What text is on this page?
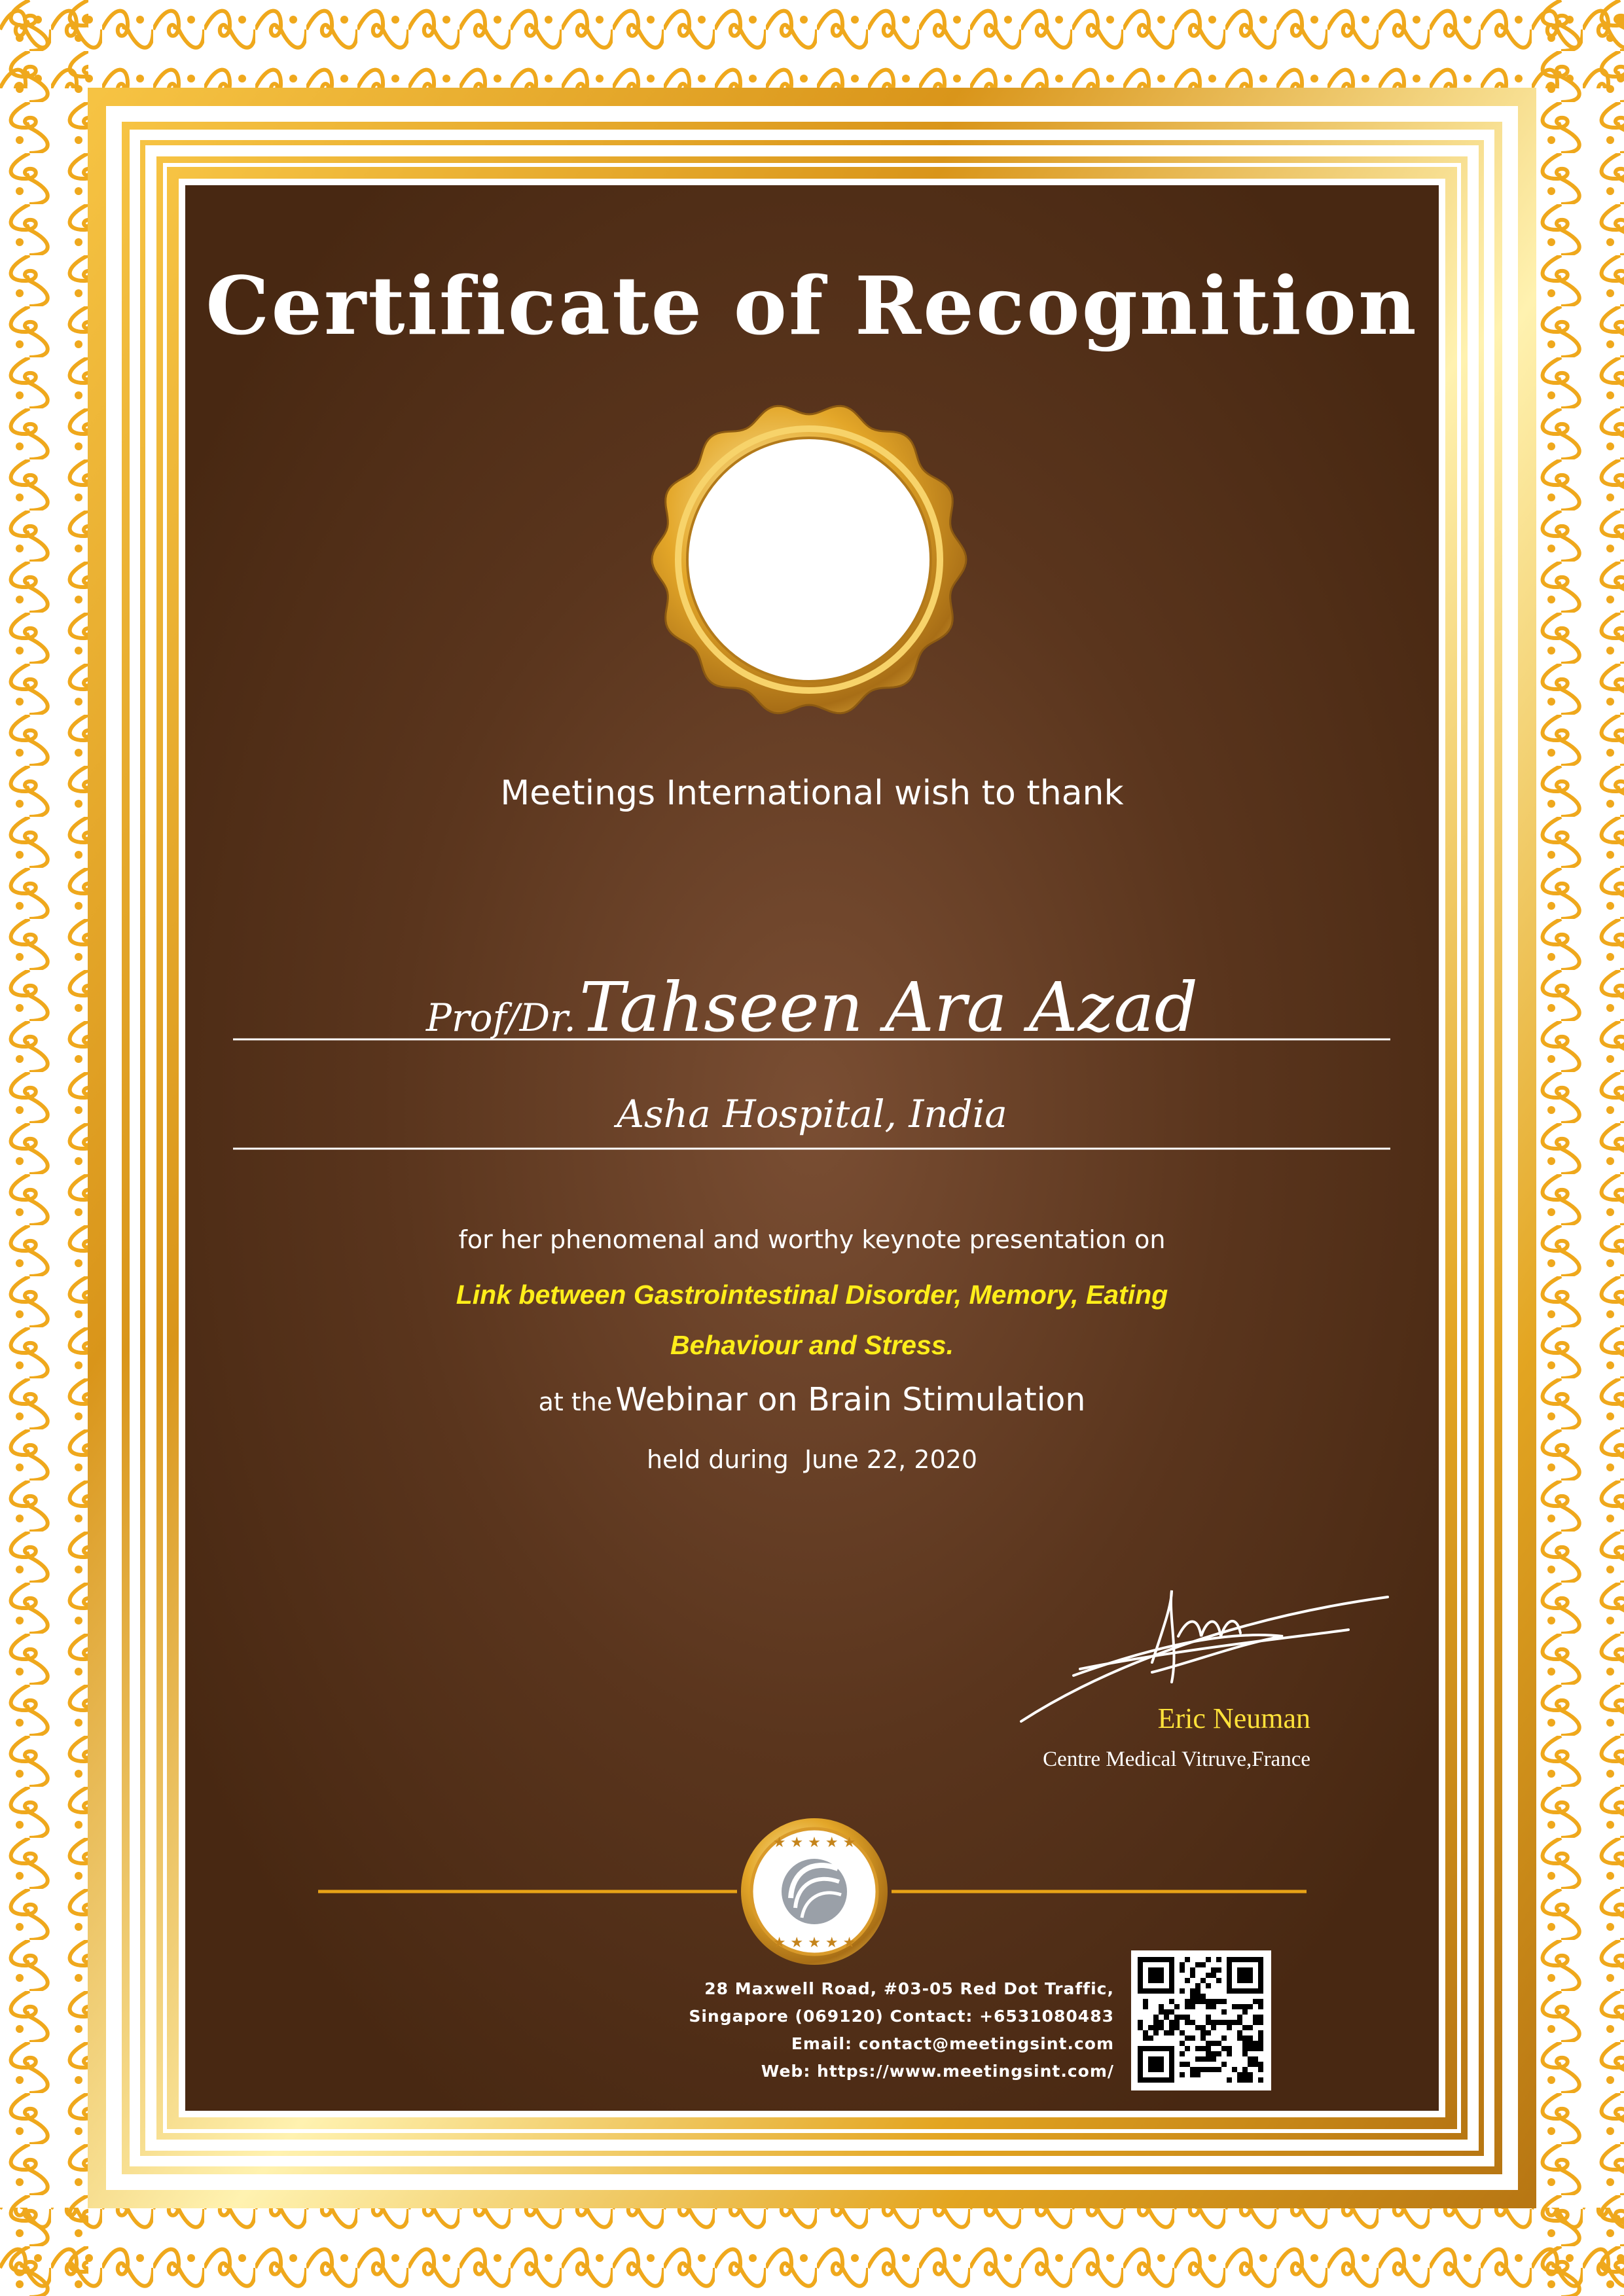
★ ★ ★ ★ ★
★ ★ ★ ★ ★
Certificate of Recognition
Meetings International wish to thank
Prof/Dr. Tahseen Ara Azad
Asha Hospital, India
for her phenomenal and worthy keynote presentation on
Link between Gastrointestinal Disorder, Memory, Eating
Behaviour and Stress.
at the Webinar on Brain Stimulation
held during June 22, 2020
Eric Neuman
Centre Medical Vitruve,France
28 Maxwell Road, #03-05 Red Dot Traffic,
Singapore (069120) Contact: +6531080483
Email: contact@meetingsint.com
Web: https://www.meetingsint.com/
